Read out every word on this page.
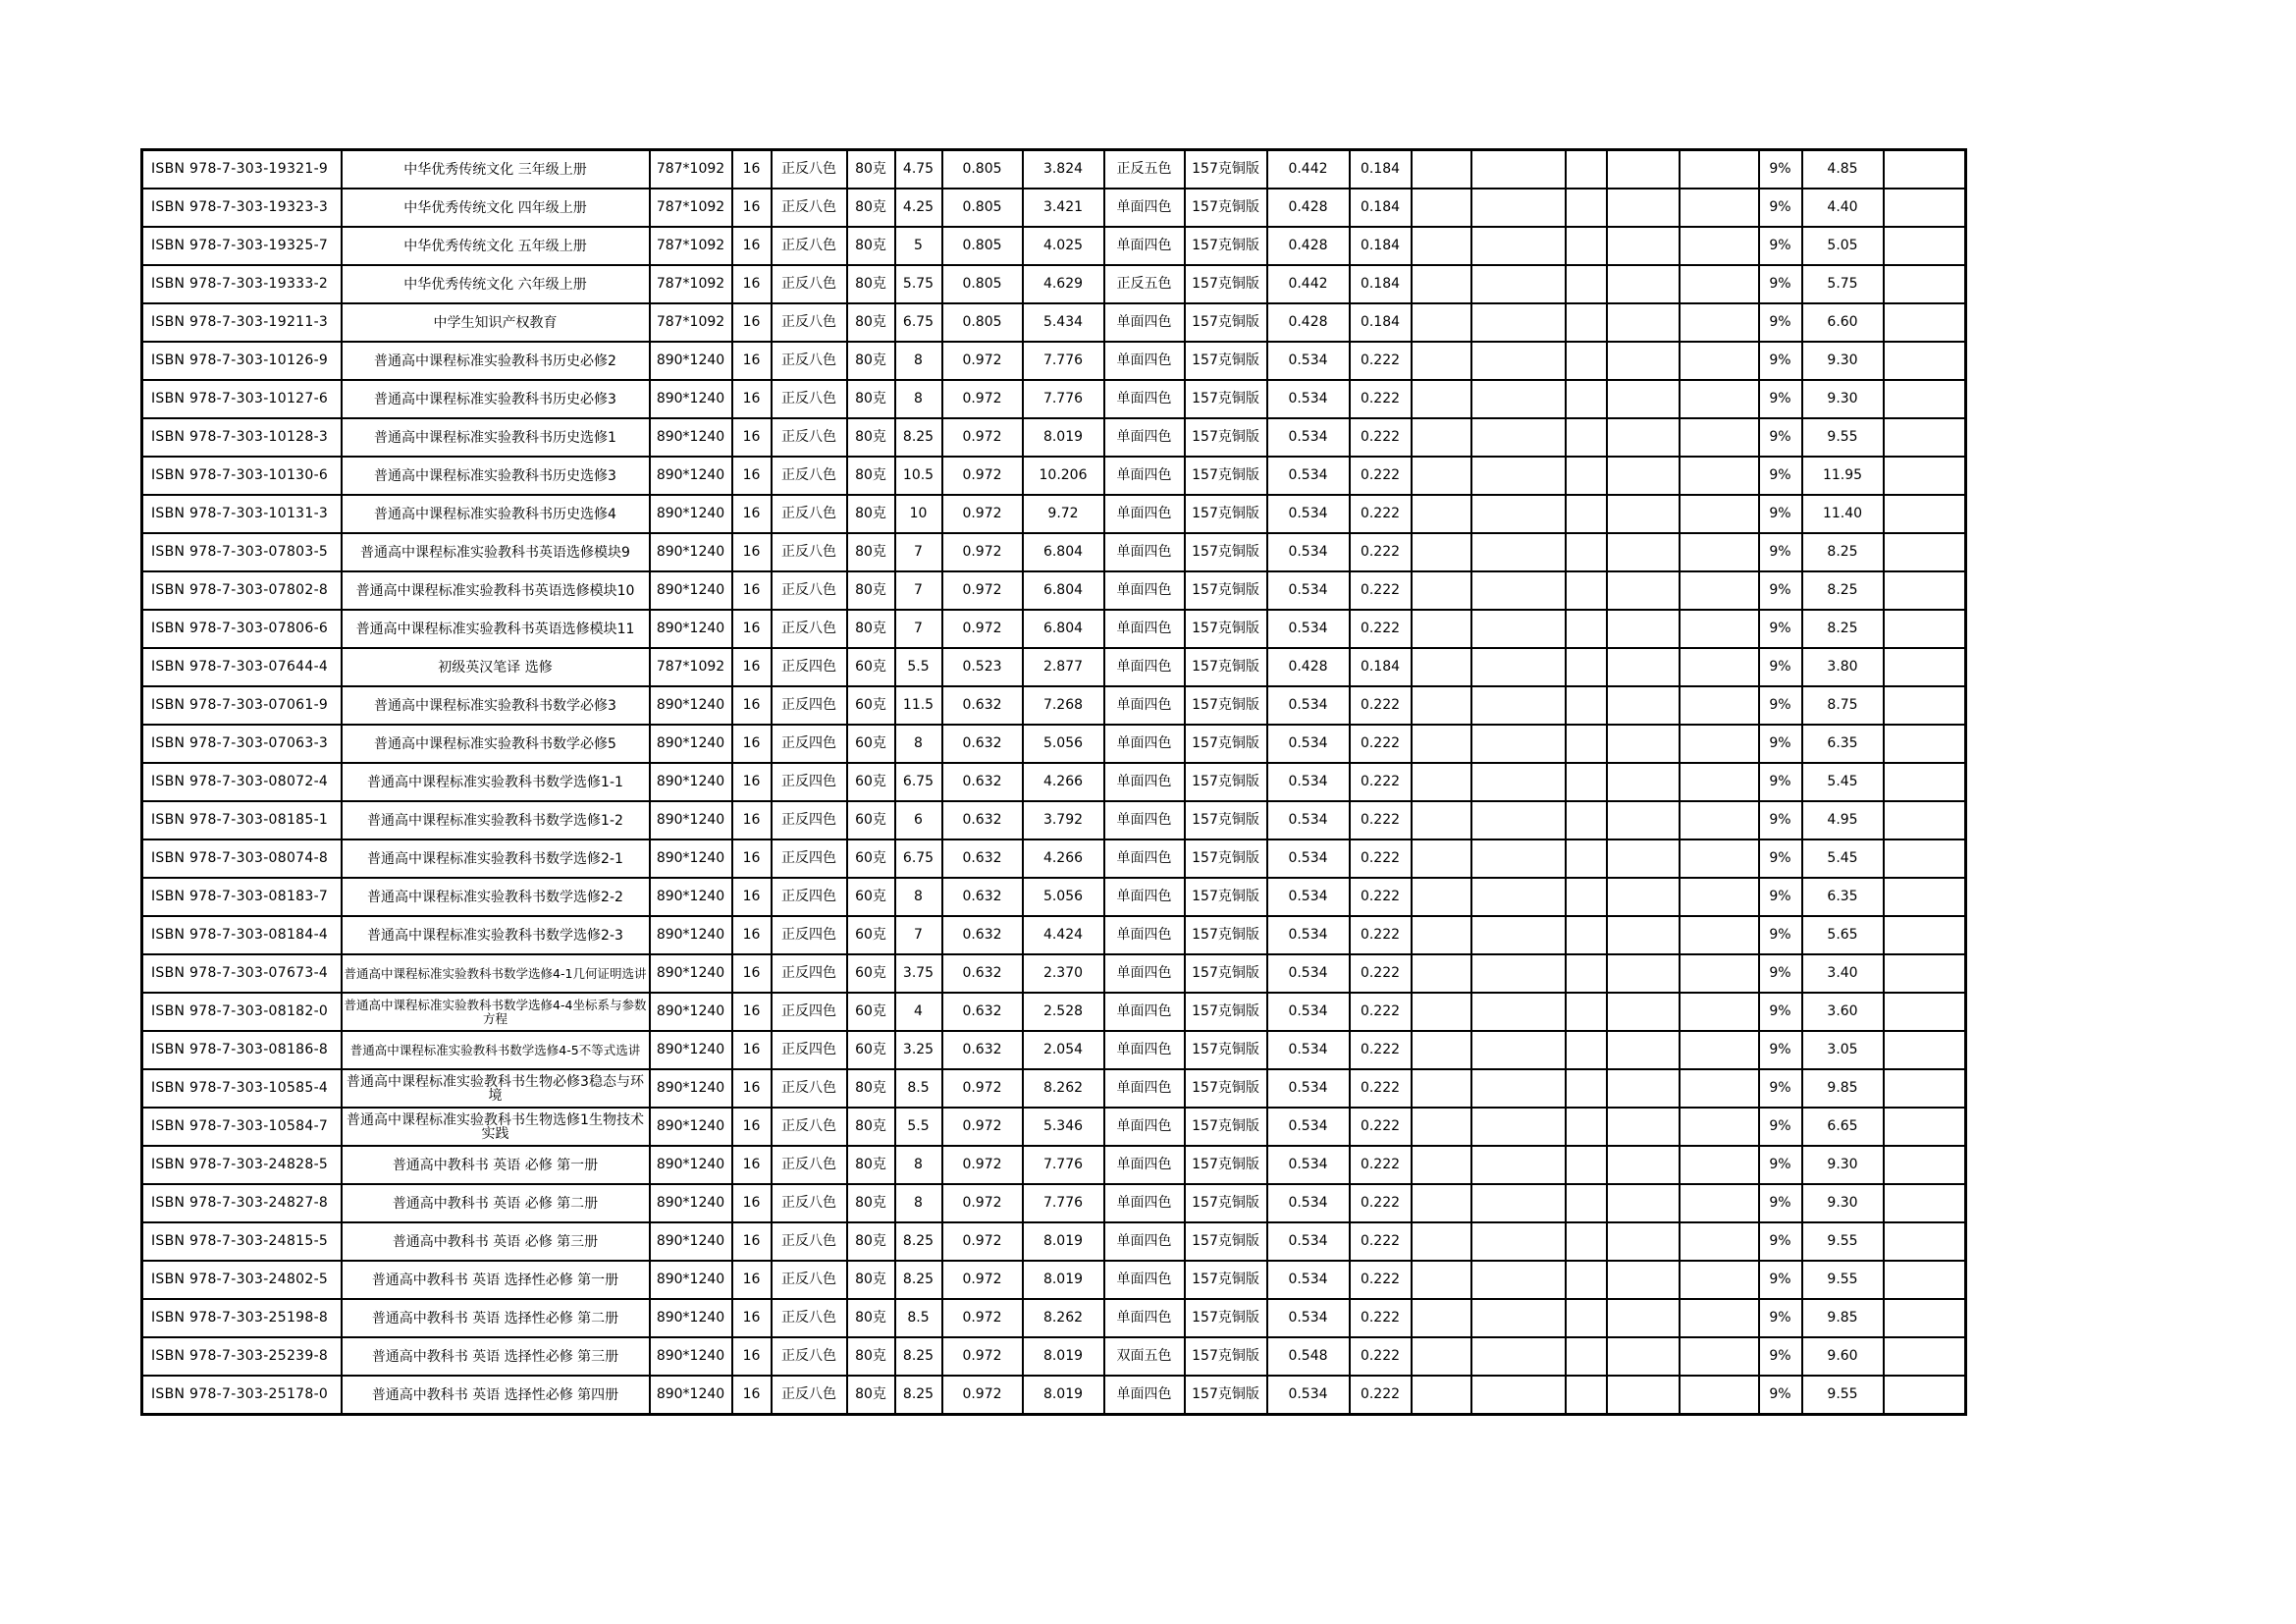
ISBN 978-7-303-19321-9	中华优秀传统文化 三年级上册	787*1092	16	正反八色	80克	4.75	0.805	3.824	正反五色	157克铜版	0.442	0.184						9%	4.85	
ISBN 978-7-303-19323-3	中华优秀传统文化 四年级上册	787*1092	16	正反八色	80克	4.25	0.805	3.421	单面四色	157克铜版	0.428	0.184						9%	4.40	
ISBN 978-7-303-19325-7	中华优秀传统文化 五年级上册	787*1092	16	正反八色	80克	5	0.805	4.025	单面四色	157克铜版	0.428	0.184						9%	5.05	
ISBN 978-7-303-19333-2	中华优秀传统文化 六年级上册	787*1092	16	正反八色	80克	5.75	0.805	4.629	正反五色	157克铜版	0.442	0.184						9%	5.75	
ISBN 978-7-303-19211-3	中学生知识产权教育	787*1092	16	正反八色	80克	6.75	0.805	5.434	单面四色	157克铜版	0.428	0.184						9%	6.60	
ISBN 978-7-303-10126-9	普通高中课程标准实验教科书历史必修2	890*1240	16	正反八色	80克	8	0.972	7.776	单面四色	157克铜版	0.534	0.222						9%	9.30	
ISBN 978-7-303-10127-6	普通高中课程标准实验教科书历史必修3	890*1240	16	正反八色	80克	8	0.972	7.776	单面四色	157克铜版	0.534	0.222						9%	9.30	
ISBN 978-7-303-10128-3	普通高中课程标准实验教科书历史选修1	890*1240	16	正反八色	80克	8.25	0.972	8.019	单面四色	157克铜版	0.534	0.222						9%	9.55	
ISBN 978-7-303-10130-6	普通高中课程标准实验教科书历史选修3	890*1240	16	正反八色	80克	10.5	0.972	10.206	单面四色	157克铜版	0.534	0.222						9%	11.95	
ISBN 978-7-303-10131-3	普通高中课程标准实验教科书历史选修4	890*1240	16	正反八色	80克	10	0.972	9.72	单面四色	157克铜版	0.534	0.222						9%	11.40	
ISBN 978-7-303-07803-5	普通高中课程标准实验教科书英语选修模块9	890*1240	16	正反八色	80克	7	0.972	6.804	单面四色	157克铜版	0.534	0.222						9%	8.25	
ISBN 978-7-303-07802-8	普通高中课程标准实验教科书英语选修模块10	890*1240	16	正反八色	80克	7	0.972	6.804	单面四色	157克铜版	0.534	0.222						9%	8.25	
ISBN 978-7-303-07806-6	普通高中课程标准实验教科书英语选修模块11	890*1240	16	正反八色	80克	7	0.972	6.804	单面四色	157克铜版	0.534	0.222						9%	8.25	
ISBN 978-7-303-07644-4	初级英汉笔译 选修	787*1092	16	正反四色	60克	5.5	0.523	2.877	单面四色	157克铜版	0.428	0.184						9%	3.80	
ISBN 978-7-303-07061-9	普通高中课程标准实验教科书数学必修3	890*1240	16	正反四色	60克	11.5	0.632	7.268	单面四色	157克铜版	0.534	0.222						9%	8.75	
ISBN 978-7-303-07063-3	普通高中课程标准实验教科书数学必修5	890*1240	16	正反四色	60克	8	0.632	5.056	单面四色	157克铜版	0.534	0.222						9%	6.35	
ISBN 978-7-303-08072-4	普通高中课程标准实验教科书数学选修1-1	890*1240	16	正反四色	60克	6.75	0.632	4.266	单面四色	157克铜版	0.534	0.222						9%	5.45	
ISBN 978-7-303-08185-1	普通高中课程标准实验教科书数学选修1-2	890*1240	16	正反四色	60克	6	0.632	3.792	单面四色	157克铜版	0.534	0.222						9%	4.95	
ISBN 978-7-303-08074-8	普通高中课程标准实验教科书数学选修2-1	890*1240	16	正反四色	60克	6.75	0.632	4.266	单面四色	157克铜版	0.534	0.222						9%	5.45	
ISBN 978-7-303-08183-7	普通高中课程标准实验教科书数学选修2-2	890*1240	16	正反四色	60克	8	0.632	5.056	单面四色	157克铜版	0.534	0.222						9%	6.35	
ISBN 978-7-303-08184-4	普通高中课程标准实验教科书数学选修2-3	890*1240	16	正反四色	60克	7	0.632	4.424	单面四色	157克铜版	0.534	0.222						9%	5.65	
ISBN 978-7-303-07673-4	普通高中课程标准实验教科书数学选修4-1几何证明选讲	890*1240	16	正反四色	60克	3.75	0.632	2.370	单面四色	157克铜版	0.534	0.222						9%	3.40	
ISBN 978-7-303-08182-0	普通高中课程标准实验教科书数学选修4-4坐标系与参数方程	890*1240	16	正反四色	60克	4	0.632	2.528	单面四色	157克铜版	0.534	0.222						9%	3.60	
ISBN 978-7-303-08186-8	普通高中课程标准实验教科书数学选修4-5不等式选讲	890*1240	16	正反四色	60克	3.25	0.632	2.054	单面四色	157克铜版	0.534	0.222						9%	3.05	
ISBN 978-7-303-10585-4	普通高中课程标准实验教科书生物必修3稳态与环境	890*1240	16	正反八色	80克	8.5	0.972	8.262	单面四色	157克铜版	0.534	0.222						9%	9.85	
ISBN 978-7-303-10584-7	普通高中课程标准实验教科书生物选修1生物技术实践	890*1240	16	正反八色	80克	5.5	0.972	5.346	单面四色	157克铜版	0.534	0.222						9%	6.65	
ISBN 978-7-303-24828-5	普通高中教科书 英语 必修 第一册	890*1240	16	正反八色	80克	8	0.972	7.776	单面四色	157克铜版	0.534	0.222						9%	9.30	
ISBN 978-7-303-24827-8	普通高中教科书 英语 必修 第二册	890*1240	16	正反八色	80克	8	0.972	7.776	单面四色	157克铜版	0.534	0.222						9%	9.30	
ISBN 978-7-303-24815-5	普通高中教科书 英语 必修 第三册	890*1240	16	正反八色	80克	8.25	0.972	8.019	单面四色	157克铜版	0.534	0.222						9%	9.55	
ISBN 978-7-303-24802-5	普通高中教科书 英语 选择性必修 第一册	890*1240	16	正反八色	80克	8.25	0.972	8.019	单面四色	157克铜版	0.534	0.222						9%	9.55	
ISBN 978-7-303-25198-8	普通高中教科书 英语 选择性必修 第二册	890*1240	16	正反八色	80克	8.5	0.972	8.262	单面四色	157克铜版	0.534	0.222						9%	9.85	
ISBN 978-7-303-25239-8	普通高中教科书 英语 选择性必修 第三册	890*1240	16	正反八色	80克	8.25	0.972	8.019	双面五色	157克铜版	0.548	0.222						9%	9.60	
ISBN 978-7-303-25178-0	普通高中教科书 英语 选择性必修 第四册	890*1240	16	正反八色	80克	8.25	0.972	8.019	单面四色	157克铜版	0.534	0.222						9%	9.55	
